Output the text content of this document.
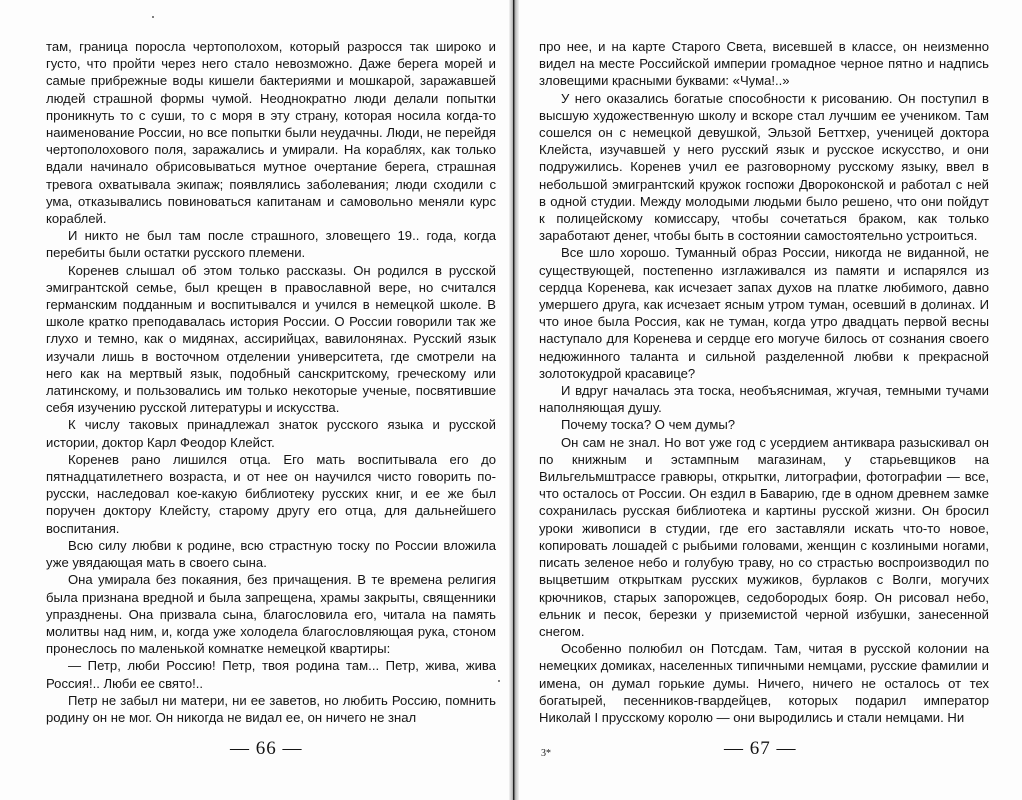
там, граница поросла чертополохом, который разросся так широко и густо, что пройти через него стало невозможно. Даже берега морей и самые прибрежные воды кишели бактериями и мошкарой, заражавшей людей страшной формы чумой. Неоднократно люди делали попытки проникнуть то с суши, то с моря в эту страну, которая носила когда-то наименование России, но все попытки были неудачны. Люди, не перейдя чертополохового поля, заражались и умирали. На кораблях, как только вдали начинало обрисовываться мутное очертание берега, страшная тревога охватывала экипаж; появлялись заболевания; люди сходили с ума, отказывались повиноваться капитанам и самовольно меняли курс кораблей.

И никто не был там после страшного, зловещего 19.. года, когда перебиты были остатки русского племени.

Коренев слышал об этом только рассказы. Он родился в русской эмигрантской семье, был крещен в православной вере, но считался германским подданным и воспитывался и учился в немецкой школе. В школе кратко преподавалась история России. О России говорили так же глухо и темно, как о мидянах, ассирийцах, вавилонянах. Русский язык изучали лишь в восточном отделении университета, где смотрели на него как на мертвый язык, подобный санскритскому, греческому или латинскому, и пользовались им только некоторые ученые, посвятившие себя изучению русской литературы и искусства.

К числу таковых принадлежал знаток русского языка и русской истории, доктор Карл Феодор Клейст.

Коренев рано лишился отца. Его мать воспитывала его до пятнадцатилетнего возраста, и от нее он научился чисто говорить по-русски, наследовал кое-какую библиотеку русских книг, и ее же был поручен доктору Клейсту, старому другу его отца, для дальнейшего воспитания.

Всю силу любви к родине, всю страстную тоску по России вложила уже увядающая мать в своего сына.

Она умирала без покаяния, без причащения. В те времена религия была признана вредной и была запрещена, храмы закрыты, священники упразднены. Она призвала сына, благословила его, читала на память молитвы над ним, и, когда уже холодела благословляющая рука, стоном пронеслось по маленькой комнатке немецкой квартиры:

— Петр, люби Россию! Петр, твоя родина там... Петр, жива, жива Россия!.. Люби ее свято!..

Петр не забыл ни матери, ни ее заветов, но любить Россию, помнить родину он не мог. Он никогда не видал ее, он ничего не знал

— 66 —

про нее, и на карте Старого Света, висевшей в классе, он неизменно видел на месте Российской империи громадное черное пятно и надпись зловещими красными буквами: «Чума!..»

У него оказались богатые способности к рисованию. Он поступил в высшую художественную школу и вскоре стал лучшим ее учеником. Там сошелся он с немецкой девушкой, Эльзой Беттхер, ученицей доктора Клейста, изучавшей у него русский язык и русское искусство, и они подружились. Коренев учил ее разговорному русскому языку, ввел в небольшой эмигрантский кружок госпожи Двороконской и работал с ней в одной студии. Между молодыми людьми было решено, что они пойдут к полицейскому комиссару, чтобы сочетаться браком, как только заработают денег, чтобы быть в состоянии самостоятельно устроиться.

Все шло хорошо. Туманный образ России, никогда не виданной, не существующей, постепенно изглаживался из памяти и испарялся из сердца Коренева, как исчезает запах духов на платке любимого, давно умершего друга, как исчезает ясным утром туман, осевший в долинах. И что иное была Россия, как не туман, когда утро двадцать первой весны наступало для Коренева и сердце его могуче билось от сознания своего недюжинного таланта и сильной разделенной любви к прекрасной золотокудрой красавице?

И вдруг началась эта тоска, необъяснимая, жгучая, темными тучами наполняющая душу.

Почему тоска? О чем думы?

Он сам не знал. Но вот уже год с усердием антиквара разыскивал он по книжным и эстампным магазинам, у старьевщиков на Вильгельмштрассе гравюры, открытки, литографии, фотографии — все, что осталось от России. Он ездил в Баварию, где в одном древнем замке сохранилась русская библиотека и картины русской жизни. Он бросил уроки живописи в студии, где его заставляли искать что-то новое, копировать лошадей с рыбьими головами, женщин с козлиными ногами, писать зеленое небо и голубую траву, но со страстью воспроизводил по выцветшим открыткам русских мужиков, бурлаков с Волги, могучих крючников, старых запорожцев, седобородых бояр. Он рисовал небо, ельник и песок, березки у приземистой черной избушки, занесенной снегом.

Особенно полюбил он Потсдам. Там, читая в русской колонии на немецких домиках, населенных типичными немцами, русские фамилии и имена, он думал горькие думы. Ничего, ничего не осталось от тех богатырей, песенников-гвардейцев, которых подарил император Николай I прусскому королю — они выродились и стали немцами. Ни

3*	— 67 —
